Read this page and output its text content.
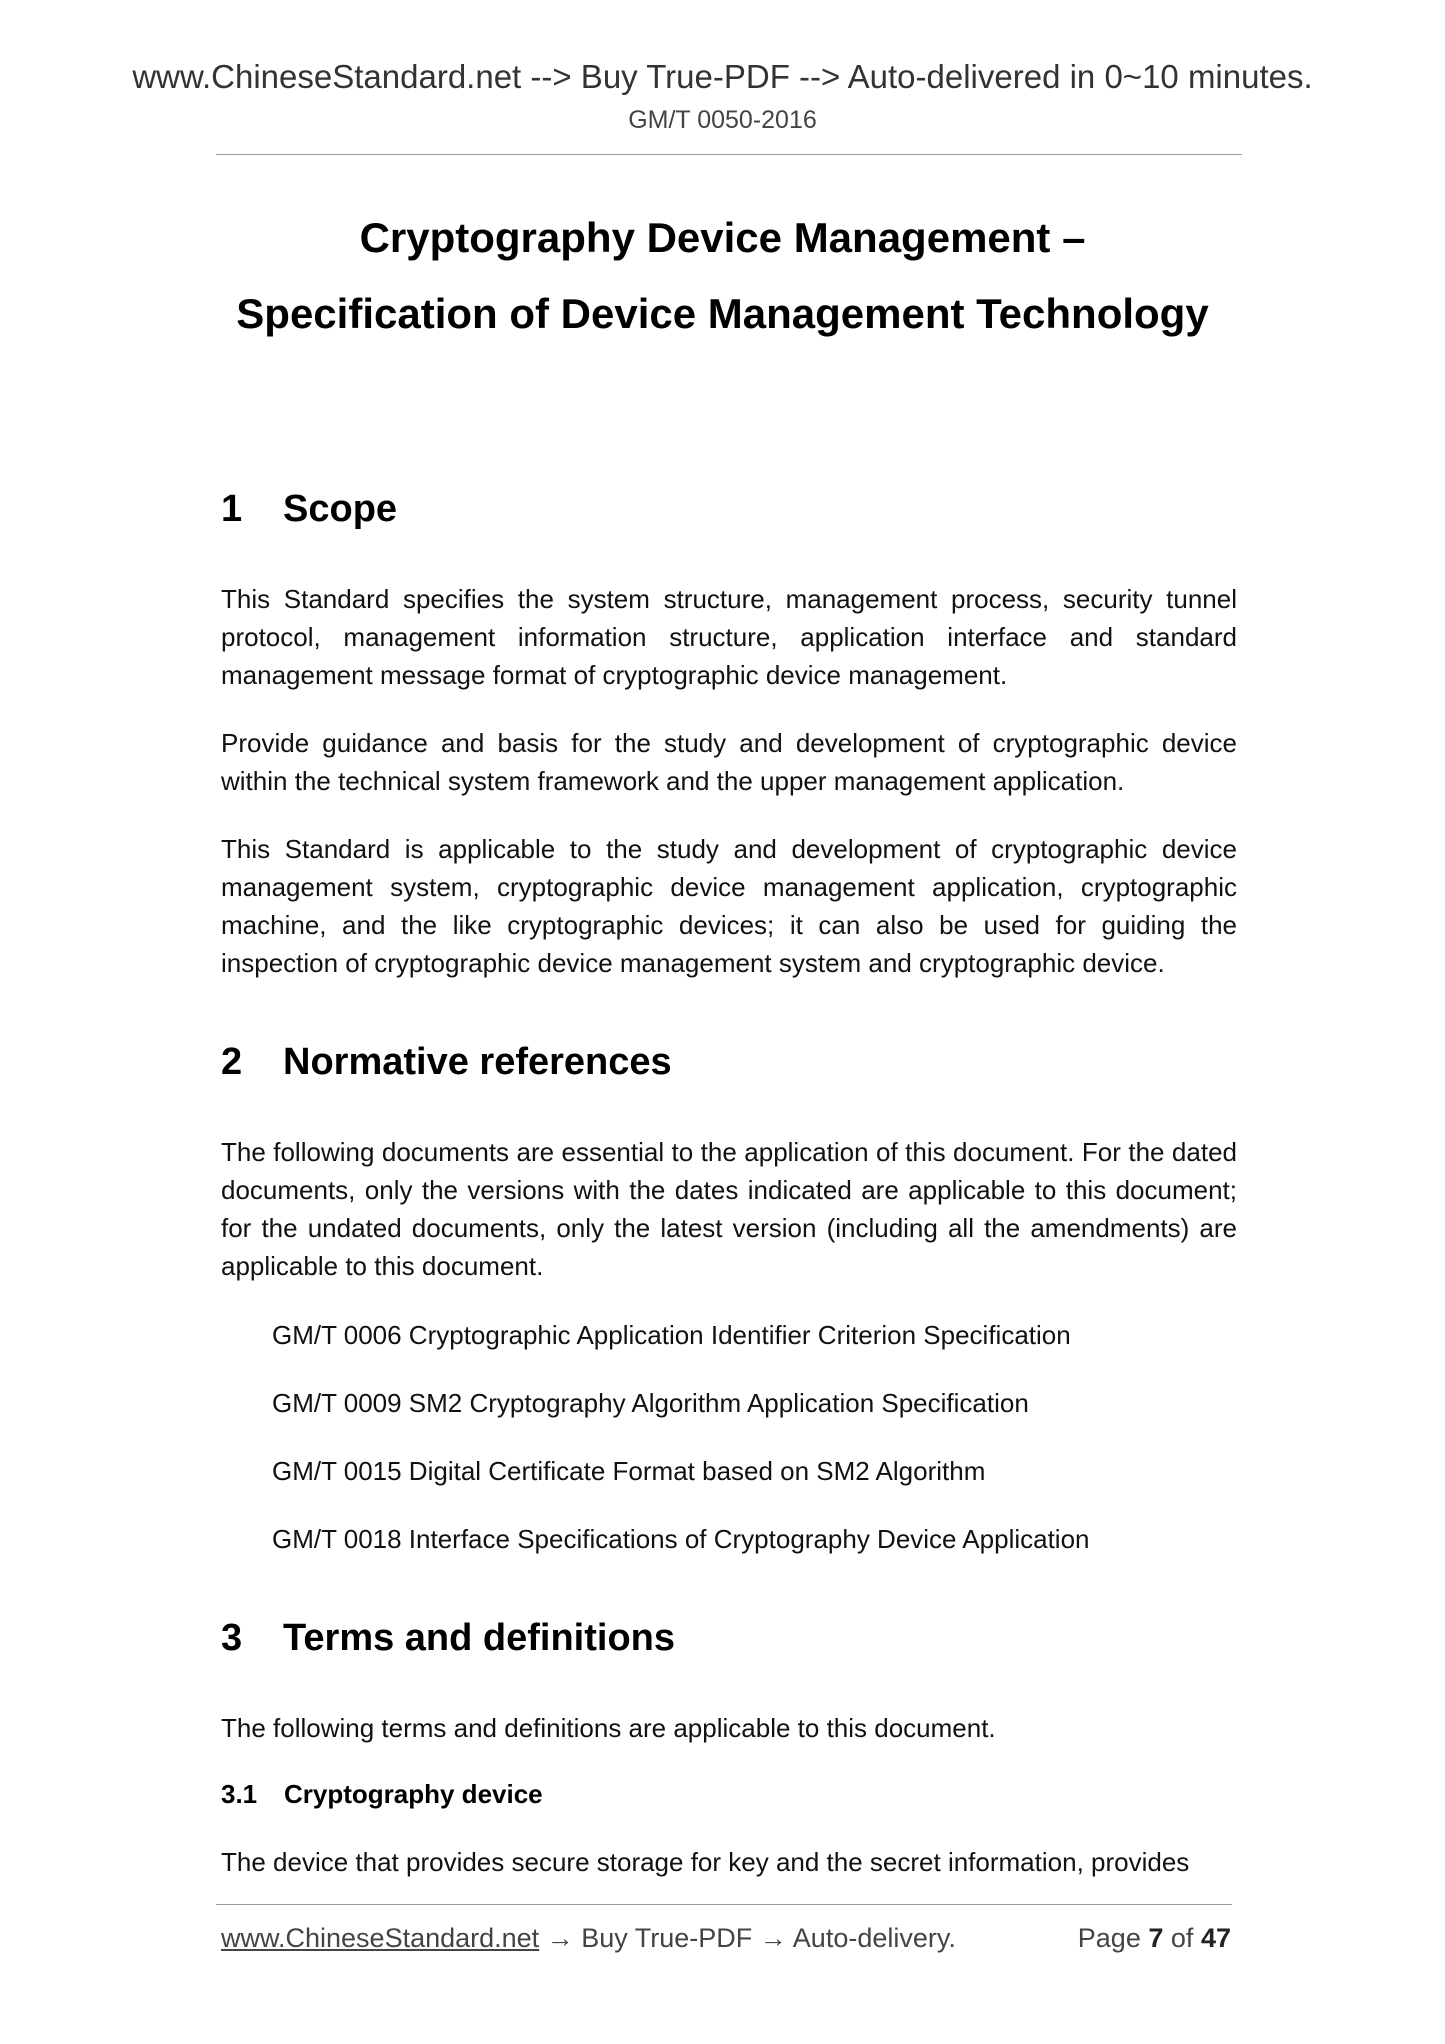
www.ChineseStandard.net --> Buy True-PDF --> Auto-delivered in 0~10 minutes.
GM/T 0050-2016
Cryptography Device Management –
Specification of Device Management Technology
1 Scope
This Standard specifies the system structure, management process, security tunnel protocol, management information structure, application interface and standard management message format of cryptographic device management.
Provide guidance and basis for the study and development of cryptographic device within the technical system framework and the upper management application.
This Standard is applicable to the study and development of cryptographic device management system, cryptographic device management application, cryptographic machine, and the like cryptographic devices; it can also be used for guiding the inspection of cryptographic device management system and cryptographic device.
2 Normative references
The following documents are essential to the application of this document. For the dated documents, only the versions with the dates indicated are applicable to this document; for the undated documents, only the latest version (including all the amendments) are applicable to this document.
GM/T 0006 Cryptographic Application Identifier Criterion Specification
GM/T 0009 SM2 Cryptography Algorithm Application Specification
GM/T 0015 Digital Certificate Format based on SM2 Algorithm
GM/T 0018 Interface Specifications of Cryptography Device Application
3 Terms and definitions
The following terms and definitions are applicable to this document.
3.1 Cryptography device
The device that provides secure storage for key and the secret information, provides
www.ChineseStandard.net → Buy True-PDF → Auto-delivery.	Page 7 of 47
